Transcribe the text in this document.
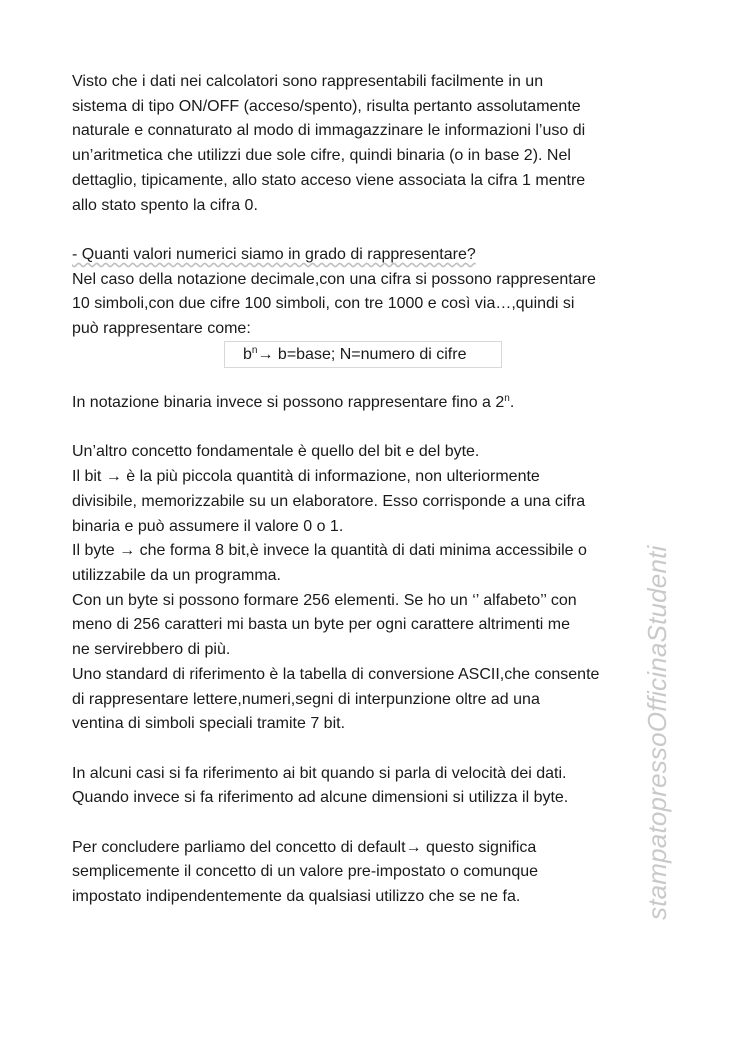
Visto che i dati nei calcolatori sono rappresentabili facilmente in un

sistema di tipo ON/OFF (acceso/spento), risulta pertanto assolutamente

naturale e connaturato al modo di immagazzinare le informazioni l’uso di

un’aritmetica che utilizzi due sole cifre, quindi binaria (o in base 2). Nel

dettaglio, tipicamente, allo stato acceso viene associata la cifra 1 mentre

allo stato spento la cifra 0.

- Quanti valori numerici siamo in grado di rappresentare?

Nel caso della notazione decimale,con una cifra si possono rappresentare

10 simboli,con due cifre 100 simboli, con tre 1000 e così via…,quindi si

può rappresentare come:

$b^n\to$ b=base; N=numero di cifre

In notazione binaria invece si possono rappresentare fino a 2$^n$.

Un’altro concetto fondamentale è quello del bit e del byte.

Il bit → è la più piccola quantità di informazione, non ulteriormente

divisibile, memorizzabile su un elaboratore. Esso corrisponde a una cifra

binaria e può assumere il valore 0 o 1.

Il byte → che forma 8 bit,è invece la quantità di dati minima accessibile o

utilizzabile da un programma.

Con un byte si possono formare 256 elementi. Se ho un ‘’ alfabeto’’ con

meno di 256 caratteri mi basta un byte per ogni carattere altrimenti me

ne servirebbero di più.

Uno standard di riferimento è la tabella di conversione ASCII,che consente

di rappresentare lettere,numeri,segni di interpunzione oltre ad una

ventina di simboli speciali tramite 7 bit.

In alcuni casi si fa riferimento ai bit quando si parla di velocità dei dati.

Quando invece si fa riferimento ad alcune dimensioni si utilizza il byte.

Per concludere parliamo del concetto di default→ questo significa

semplicemente il concetto di un valore pre-impostato o comunque

impostato indipendentemente da qualsiasi utilizzo che se ne fa.	stampatopressoOfficinaStudenti
